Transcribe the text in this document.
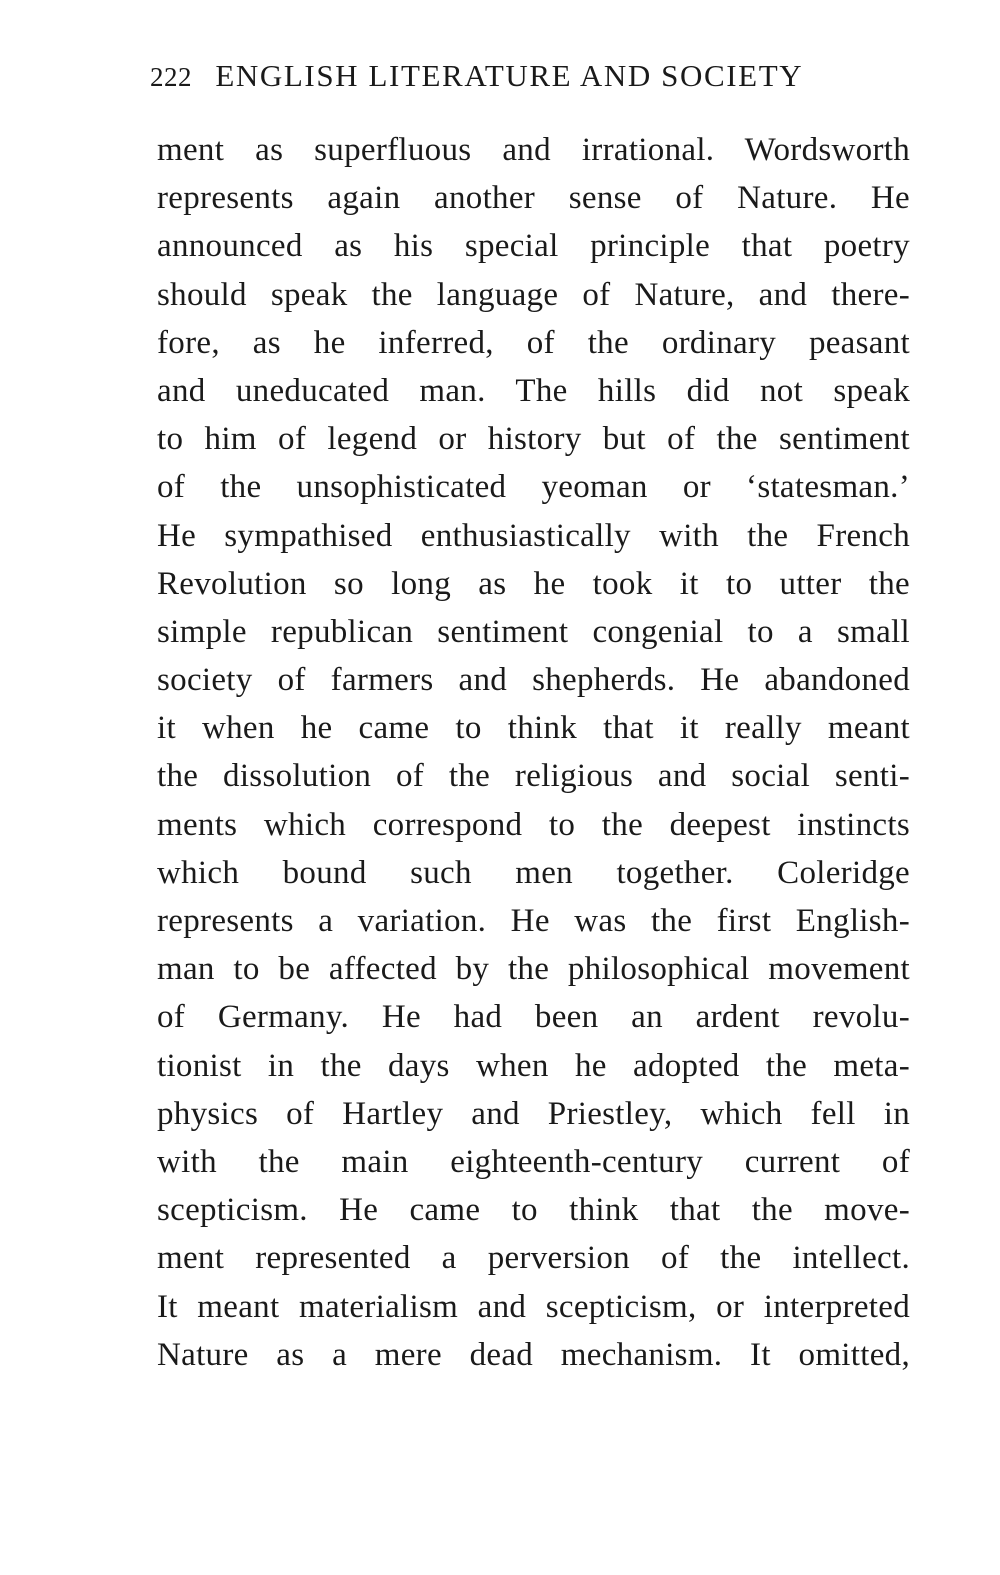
222 ENGLISH LITERATURE AND SOCIETY
ment as superfluous and irrational. Wordsworth
represents again another sense of Nature. He
announced as his special principle that poetry
should speak the language of Nature, and there-
fore, as he inferred, of the ordinary peasant
and uneducated man. The hills did not speak
to him of legend or history but of the sentiment
of the unsophisticated yeoman or ‘statesman.’
He sympathised enthusiastically with the French
Revolution so long as he took it to utter the
simple republican sentiment congenial to a small
society of farmers and shepherds. He abandoned
it when he came to think that it really meant
the dissolution of the religious and social senti-
ments which correspond to the deepest instincts
which bound such men together. Coleridge
represents a variation. He was the first English-
man to be affected by the philosophical movement
of Germany. He had been an ardent revolu-
tionist in the days when he adopted the meta-
physics of Hartley and Priestley, which fell in
with the main eighteenth-century current of
scepticism. He came to think that the move-
ment represented a perversion of the intellect.
It meant materialism and scepticism, or interpreted
Nature as a mere dead mechanism. It omitted,
